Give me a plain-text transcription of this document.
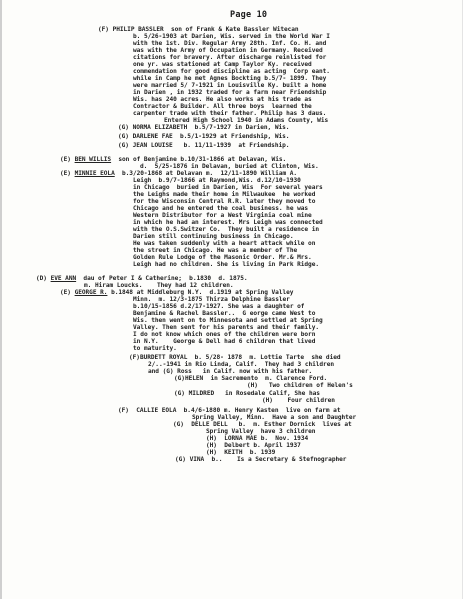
Page 10
(F) PHILIP BASSLER  son of Frank & Kate Bassler Witecan
b. 5/26-1903 at Darien, Wis. served in the World War I
with the 1st. Div. Regular Army 28th. Inf. Co. H. and
was with the Army of Occupation in Germany. Received
citations for bravery. After discharge reinlisted for
one yr. was stationed at Camp Taylor Ky. received
commendation for good discipline as acting  Corp eant.
while in Camp he met Agnes Bockting b.5/7- 1899. They
were married 5/ 7-1921 in Louisville Ky. built a home
in Darien , in 1932 traded for a farm near Friendship
Wis. has 240 acres. He also works at his trade as
Contractor & Builder. All three boys  learned the
carpenter trade with their father. Philip has 3 daus.
Entered High School 1940 in Adams County, Wis
(G) NORMA ELIZABETH  b.5/7-1927 in Darien, Wis.
(G) DARLENE FAE  b.5/1-1929 at Friendship, Wis.
(G) JEAN LOUISE   b. 11/11-1939  at Friendship.
(E) BEN WILLIS  son of Benjamine b.10/31-1866 at Delavan, Wis.
d.  5/25-1876 in Delavan, buried at Clinton, Wis.
(E) MINNIE EOLA  b.3/20-1868 at Delavan m.  12/11-1890 William A.
Leigh  b.9/7-1866 at Raymond,Wis. d.12/10-1930
in Chicago  buried in Darien, Wis  For several years
the Leighs made their home in Milwaukee  he worked
for the Wisconsin Central R.R. later they moved to
Chicago and he entered the coal business. he was
Western Distributor for a West Virginia coal mine
in which he had an interest. Mrs Leigh was connected
with the O.S.Switzer Co.  They built a residence in
Darien still continuing business in Chicago.
He was taken suddenly with a heart attack while on
the street in Chicago. He was a member of The
Golden Rule Lodge of the Masonic Order. Mr.& Mrs.
Leigh had no children. She is living in Park Ridge.
(D) EVE ANN  dau of Peter I & Catherine;  b.1830  d. 1875.
m. Hiram Loucks.    They had 12 children.
(E) GEORGE R. b.1848 at Middleburg N.Y.  d.1919 at Spring Valley
Minn.  m. 12/3-1875 Thirza Delphine Bassler
b.10/15-1856 d.2/17-1927. She was a daughter of
Benjamine & Rachel Bassler..  G eorge came West to
Wis. then went on to Minnesota and settled at Spring
Valley. Then sent for his parents and their family.
I do not know which ones of the children were born
in N.Y.    George & Dell had 6 children that lived
to maturity.
(F)BURDETT ROYAL  b. 5/28- 1878  m. Lottie Tarte  she died
2/..-1941 in Rio Linda, Calif.  They had 3 children
and (G) Ross   in Calif. now with his father.
(G)HELEN  in Sacremento  m. Clarence Ford.
(H)   Two children of Helen's
(G) MILDRED   in Rosedale Calif, She has
(H)    Four children
(F)  CALLIE EOLA  b.4/6-1880 m. Henry Kasten  live on farm at
Spring Valley, Minn.  Have a son and Daughter
(G)  DELLE DELL   b.  m. Esther Dornick  lives at
Spring Valley  have 3 children
(H)  LORNA MAE b.  Nov. 1934
(H)  Delbert b. April 1937
(H)  KEITH  b. 1939
(G) VINA  b..    Is a Secretary & Stefnographer
